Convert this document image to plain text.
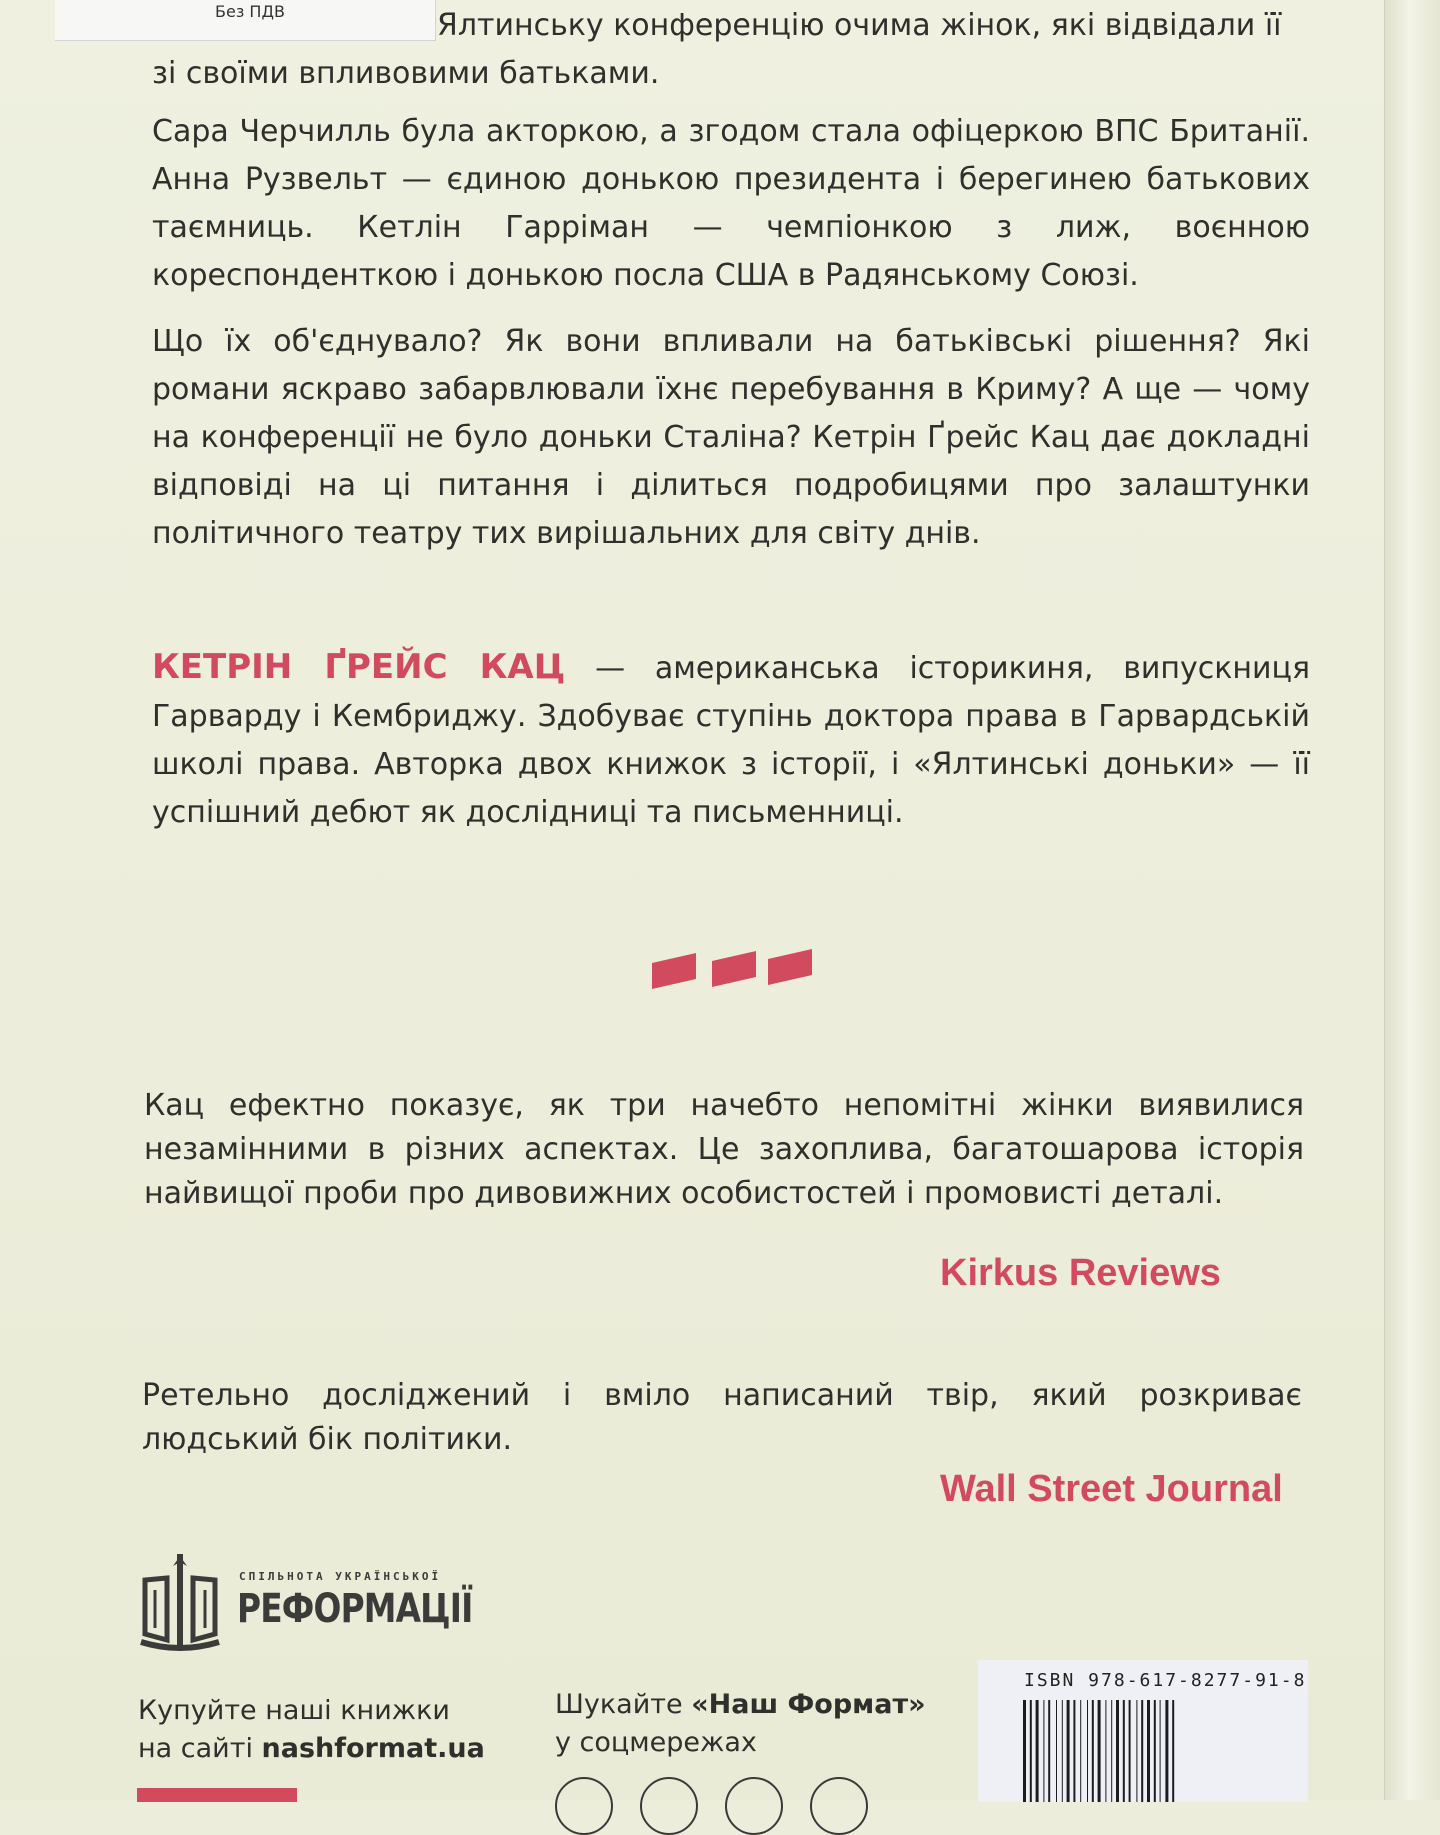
Без ПДВ	Ялтинську конференцію очима жінок, які відвідали її
зі своїми впливовими батьками.

Сара Черчилль була акторкою, а згодом стала офіцеркою ВПС Британії. Анна Рузвельт — єдиною донькою президента і берегинею батькових таємниць. Кетлін Гарріман — чемпіонкою з лиж, воєнною кореспонденткою і донькою посла США в Радянському Союзі.

Що їх об'єднувало? Як вони впливали на батьківські рішення? Які романи яскраво забарвлювали їхнє перебування в Криму? А ще — чому на конференції не було доньки Сталіна? Кетрін Ґрейс Кац дає докладні відповіді на ці питання і ділиться подробицями про залаштунки політичного театру тих вирішальних для світу днів.

КЕТРІН ҐРЕЙС КАЦ — американська історикиня, випускниця Гарварду і Кембриджу. Здобуває ступінь доктора права в Гарвардській школі права. Авторка двох книжок з історії, і «Ялтинські доньки» — її успішний дебют як дослідниці та письменниці.

Кац ефектно показує, як три начебто непомітні жінки виявилися незамінними в різних аспектах. Це захоплива, багатошарова історія найвищої проби про дивовижних особистостей і промовисті деталі.

Kirkus Reviews

Ретельно досліджений і вміло написаний твір, який розкриває людський бік політики.

Wall Street Journal
СПІЛЬНОТА УКРАЇНСЬКОЇ
РЕФОРМАЦІЇ
Купуйте наші книжки
на сайті nashformat.ua
Шукайте «Наш Формат»
у соцмережах
ISBN 978-617-8277-91-8
